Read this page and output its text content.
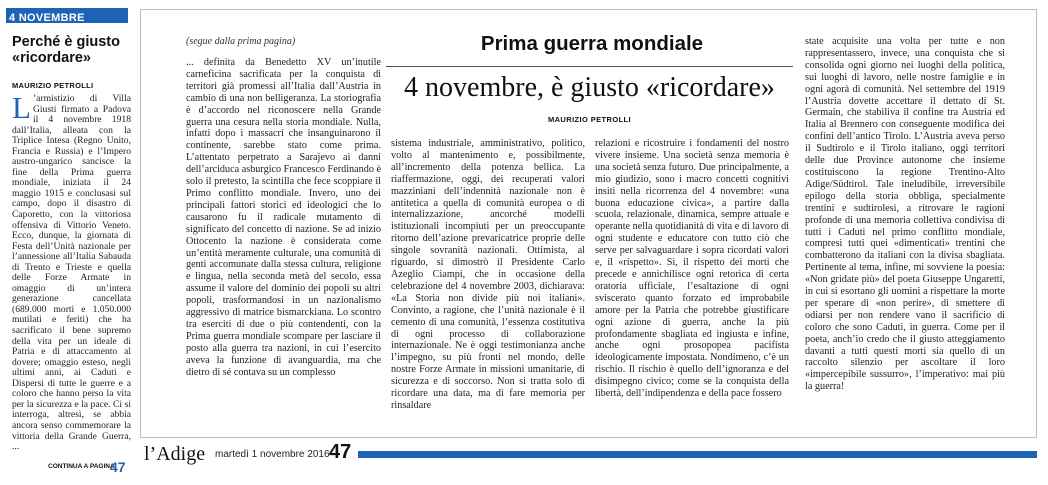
4 NOVEMBRE
Perché è giusto «ricordare»
MAURIZIO PETROLLI
L ’armistizio di Villa Giusti firmato a Padova il 4 novembre 1918 dall’Italia, alleata con la Triplice Intesa (Regno Unito, Francia e Russia) e l’Impero austro-ungarico sancisce la fine della Prima guerra mondiale, iniziata il 24 maggio 1915 e conclusasi sul campo, dopo il disastro di Caporetto, con la vittoriosa offensiva di Vittorio Veneto. Ecco, dunque, la giornata di Festa dell’Unità nazionale per l’annessione all’Italia Sabauda di Trento e Trieste e quella delle Forze Armate in omaggio di un’intera generazione cancellata (689.000 morti e 1.050.000 mutilati e feriti) che ha sacrificato il bene supremo della vita per un ideale di Patria e di attaccamento al dovere; omaggio esteso, negli ultimi anni, ai Caduti e Dispersi di tutte le guerre e a coloro che hanno perso la vita per la sicurezza e la pace. Ci si interroga, altresì, se abbia ancora senso commemorare la vittoria della Grande Guerra, ...
CONTINUA A PAGINA
47
(segue dalla prima pagina)	Prima guerra mondiale
4 novembre, è giusto «ricordare»
MAURIZIO PETROLLI

... definita da Benedetto XV un’inutile carneficina sacrificata per la conquista di territori già promessi all’Italia dall’Austria in cambio di una non belligeranza. La storiografia è d’accordo nel riconoscere nella Grande guerra una cesura nella storia mondiale. Nulla, infatti dopo i massacri che insanguinarono il continente, sarebbe stato come prima. L’attentato perpetrato a Sarajevo ai danni dell’arciduca asburgico Francesco Ferdinando è solo il pretesto, la scintilla che fece scoppiare il Primo conflitto mondiale. Invero, uno dei principali fattori storici ed ideologici che lo causarono fu il radicale mutamento di significato del concetto di nazione. Se ad inizio Ottocento la nazione è considerata come un’entità meramente culturale, una comunità di genti accomunate dalla stessa cultura, religione e lingua, nella seconda metà del secolo, essa assume il valore del dominio dei popoli su altri popoli, trasformandosi in un nazionalismo aggressivo di matrice bismarckiana. Lo scontro tra eserciti di due o più contendenti, con la Prima guerra mondiale scompare per lasciare il posto alla guerra tra nazioni, in cui l’esercito aveva la funzione di avanguardia, ma che dietro di sé contava su un complesso

sistema industriale, amministrativo, politico, volto al mantenimento e, possibilmente, all’incremento della potenza bellica. La riaffermazione, oggi, dei recuperati valori mazziniani dell’indennità nazionale non è antitetica a quella di comunità europea o di internalizzazione, ancorché modelli istituzionali incompiuti per un preoccupante ritorno dell’azione prevaricatrice proprie delle singole sovranità nazionali. Ottimista, al riguardo, si dimostrò il Presidente Carlo Azeglio Ciampi, che in occasione della celebrazione del 4 novembre 2003, dichiarava: «La Storia non divide più noi italiani». Convinto, a ragione, che l’unità nazionale è il cemento di una comunità, l’essenza costitutiva di ogni processo di collaborazione internazionale. Ne è oggi testimonianza anche l’impegno, su più fronti nel mondo, delle nostre Forze Armate in missioni umanitarie, di sicurezza e di soccorso. Non si tratta solo di ricordare una data, ma di fare memoria per rinsaldare

relazioni e ricostruire i fondamenti del nostro vivere insieme. Una società senza memoria è una società senza futuro. Due principalmente, a mio giudizio, sono i macro concetti cognitivi insiti nella ricorrenza del 4 novembre: «una buona educazione civica», a partire dalla scuola, relazionale, dinamica, sempre attuale e operante nella quotidianità di vita e di lavoro di ogni studente e educatore con tutto ciò che serve per salvaguardare i sopra ricordati valori e, il «rispetto». Sì, il rispetto dei morti che precede e annichilisce ogni retorica di certa oratoria ufficiale, l’esaltazione di ogni sviscerato quanto forzato ed improbabile amore per la Patria che potrebbe giustificare ogni azione di guerra, anche la più profondamente sbagliata ed ingiusta e infine, anche ogni prosopopea pacifista ideologicamente impostata. Nondimeno, c’è un rischio. Il rischio è quello dell’ignoranza e del disimpegno civico; come se la conquista della libertà, dell’indipendenza e della pace fossero

state acquisite una volta per tutte e non rappresentassero, invece, una conquista che si consolida ogni giorno nei luoghi della politica, sui luoghi di lavoro, nelle nostre famiglie e in ogni agorà di comunità. Nel settembre del 1919 l’Austria dovette accettare il dettato di St. Germain, che stabiliva il confine tra Austria ed Italia al Brennero con conseguente modifica dei confini dell’antico Tirolo. L’Austria aveva perso il Sudtirolo e il Tirolo italiano, oggi territori delle due Province autonome che insieme costituiscono la regione Trentino-Alto Adige/Südtirol. Tale ineludibile, irreversibile epilogo della storia obbliga, specialmente trentini e sudtirolesi, a ritrovare le ragioni profonde di una memoria collettiva condivisa di tutti i Caduti nel primo conflitto mondiale, compresi tutti quei «dimenticati» trentini che combatterono da italiani con la divisa sbagliata. Pertinente al tema, infine, mi sovviene la poesia: «Non gridate più» del poeta Giuseppe Ungaretti, in cui si esortano gli uomini a rispettare la morte per sperare di «non perire», di smettere di odiarsi per non rendere vano il sacrificio di coloro che sono Caduti, in guerra. Come per il poeta, anch’io credo che il giusto atteggiamento davanti a tutti questi morti sia quello di un raccolto silenzio per ascoltare il loro «impercepibile sussurro», l’imperativo: mai più la guerra!

l’Adige martedì 1 novembre 2016 47
